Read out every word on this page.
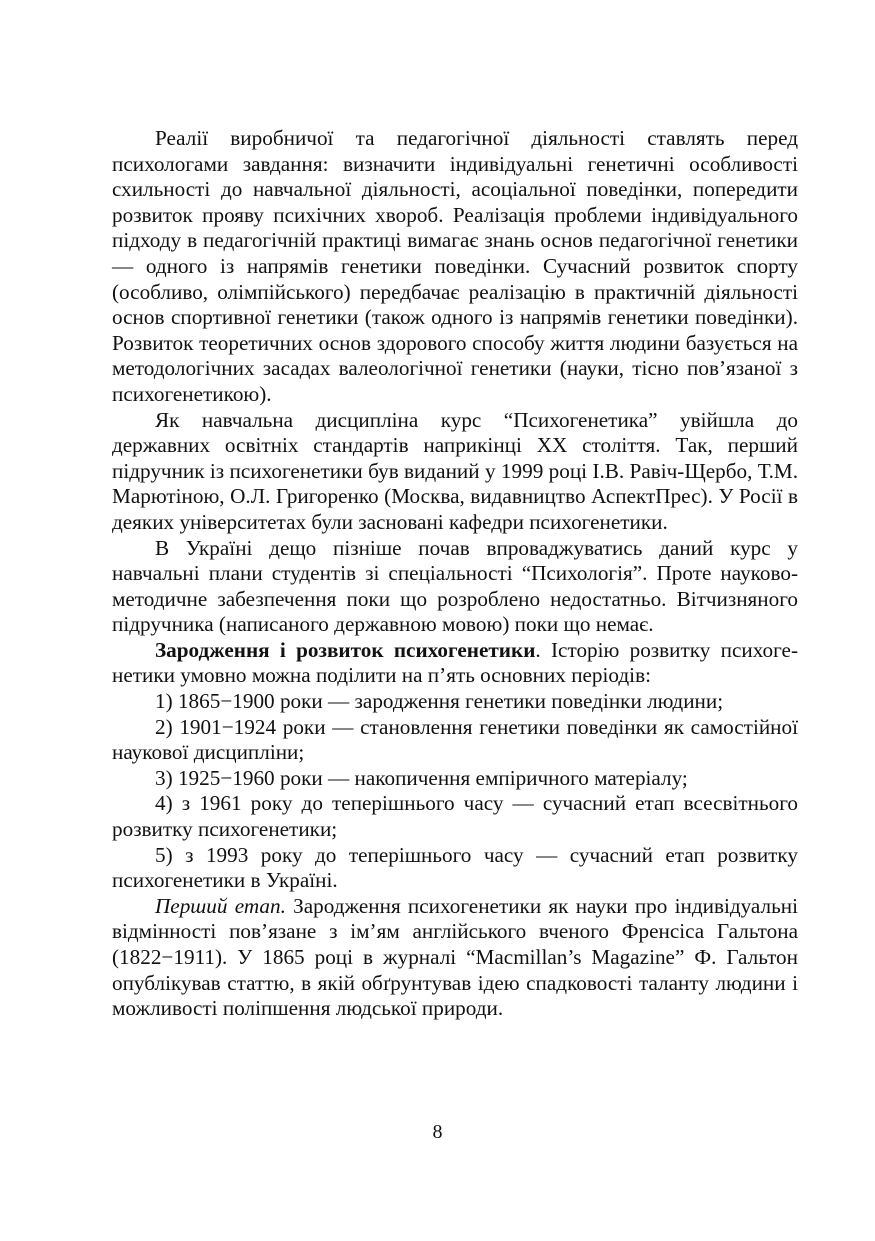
Реалії виробничої та педагогічної діяльності ставлять перед психологами завдання: визначити індивідуальні генетичні особливості схильності до навчальної діяльності, асоціальної поведінки, попередити розвиток прояву психічних хвороб. Реалізація проблеми індивідуального підходу в педагогічній практиці вимагає знань основ педагогічної генетики — одного із напрямів генетики поведінки. Сучасний розвиток спорту (особливо, олімпійського) передбачає реалізацію в практичній діяльності основ спортивної генетики (також одного із напрямів генетики поведінки). Розвиток теоретичних основ здорового способу життя людини базується на методологічних засадах валеологічної генетики (науки, тісно пов’язаної з психогенетикою).

Як навчальна дисципліна курс “Психогенетика” увійшла до державних освітніх стандартів наприкінці ХХ століття. Так, перший підручник із психогенетики був виданий у 1999 році І.В. Равіч-Щербо, Т.М. Марютіною, О.Л. Григоренко (Москва, видавництво АспектПрес). У Росії в деяких університетах були засновані кафедри психогенетики.

В Україні дещо пізніше почав впроваджуватись даний курс у навчальні плани студентів зі спеціальності “Психологія”. Проте науково-методичне забезпечення поки що розроблено недостатньо. Вітчизняного підручника (написаного державною мовою) поки що немає.

Зародження і розвиток психогенетики. Історію розвитку психогенетики умовно можна поділити на п’ять основних періодів:

1) 1865−1900 роки — зародження генетики поведінки людини;

2) 1901−1924 роки — становлення генетики поведінки як самостійної наукової дисципліни;

3) 1925−1960 роки — накопичення емпіричного матеріалу;

4) з 1961 року до теперішнього часу — сучасний етап всесвітнього розвитку психогенетики;

5) з 1993 року до теперішнього часу — сучасний етап розвитку психогенетики в Україні.

Перший етап. Зародження психогенетики як науки про індивідуальні відмінності пов’язане з ім’ям англійського вченого Френсіса Гальтона (1822−1911). У 1865 році в журналі “Macmillan’s Magazine” Ф. Гальтон опублікував статтю, в якій обґрунтував ідею спадковості таланту людини і можливості поліпшення людської природи.

8
